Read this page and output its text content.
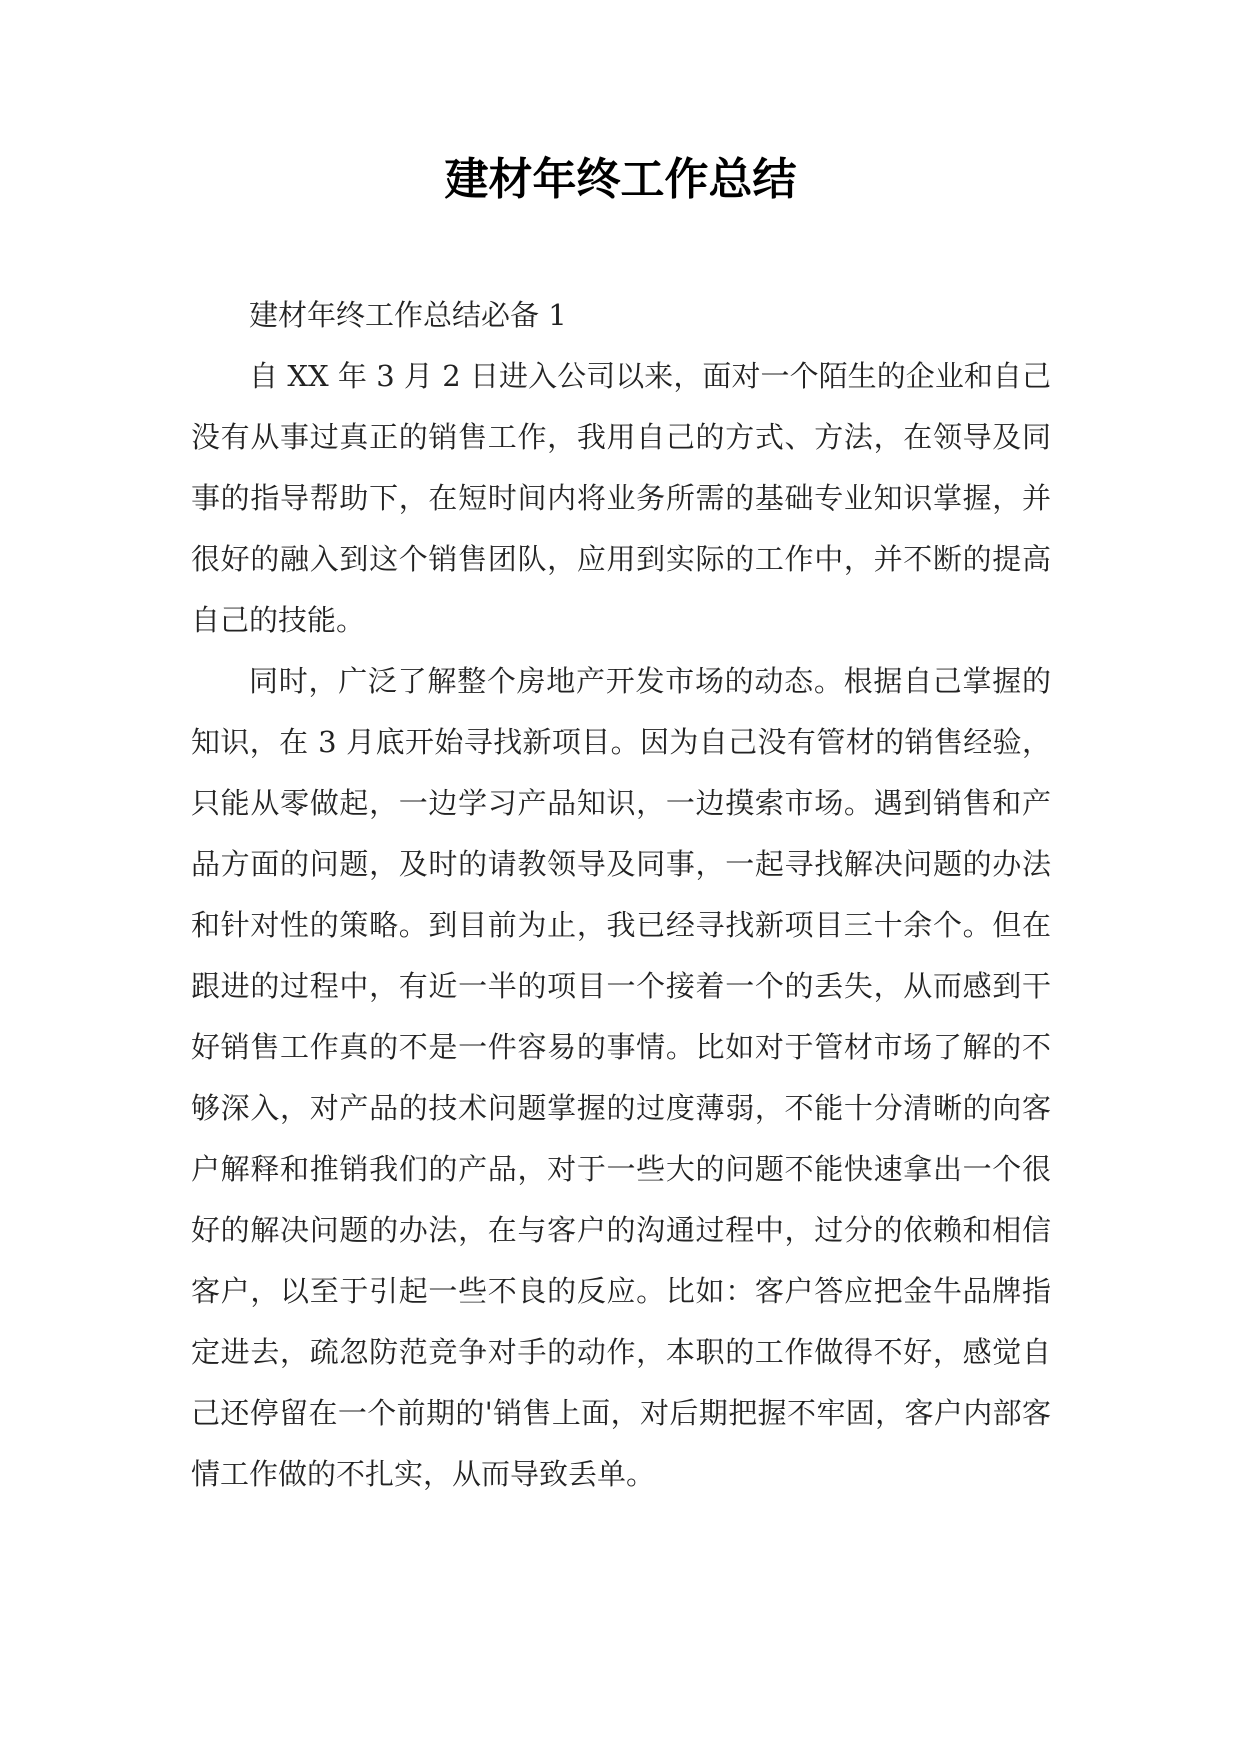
建材年终工作总结

建材年终工作总结必备 1

自 XX 年 3 月 2 日进入公司以来，面对一个陌生的企业和自己没有从事过真正的销售工作，我用自己的方式、方法，在领导及同事的指导帮助下，在短时间内将业务所需的基础专业知识掌握，并很好的融入到这个销售团队，应用到实际的工作中，并不断的提高自己的技能。

同时，广泛了解整个房地产开发市场的动态。根据自己掌握的知识，在 3 月底开始寻找新项目。因为自己没有管材的销售经验，只能从零做起，一边学习产品知识，一边摸索市场。遇到销售和产品方面的问题，及时的请教领导及同事，一起寻找解决问题的办法和针对性的策略。到目前为止，我已经寻找新项目三十余个。但在跟进的过程中，有近一半的项目一个接着一个的丢失，从而感到干好销售工作真的不是一件容易的事情。比如对于管材市场了解的不够深入，对产品的技术问题掌握的过度薄弱，不能十分清晰的向客户解释和推销我们的产品，对于一些大的问题不能快速拿出一个很好的解决问题的办法，在与客户的沟通过程中，过分的依赖和相信客户，以至于引起一些不良的反应。比如：客户答应把金牛品牌指定进去，疏忽防范竞争对手的动作，本职的工作做得不好，感觉自己还停留在一个前期的'销售上面，对后期把握不牢固，客户内部客情工作做的不扎实，从而导致丢单。
